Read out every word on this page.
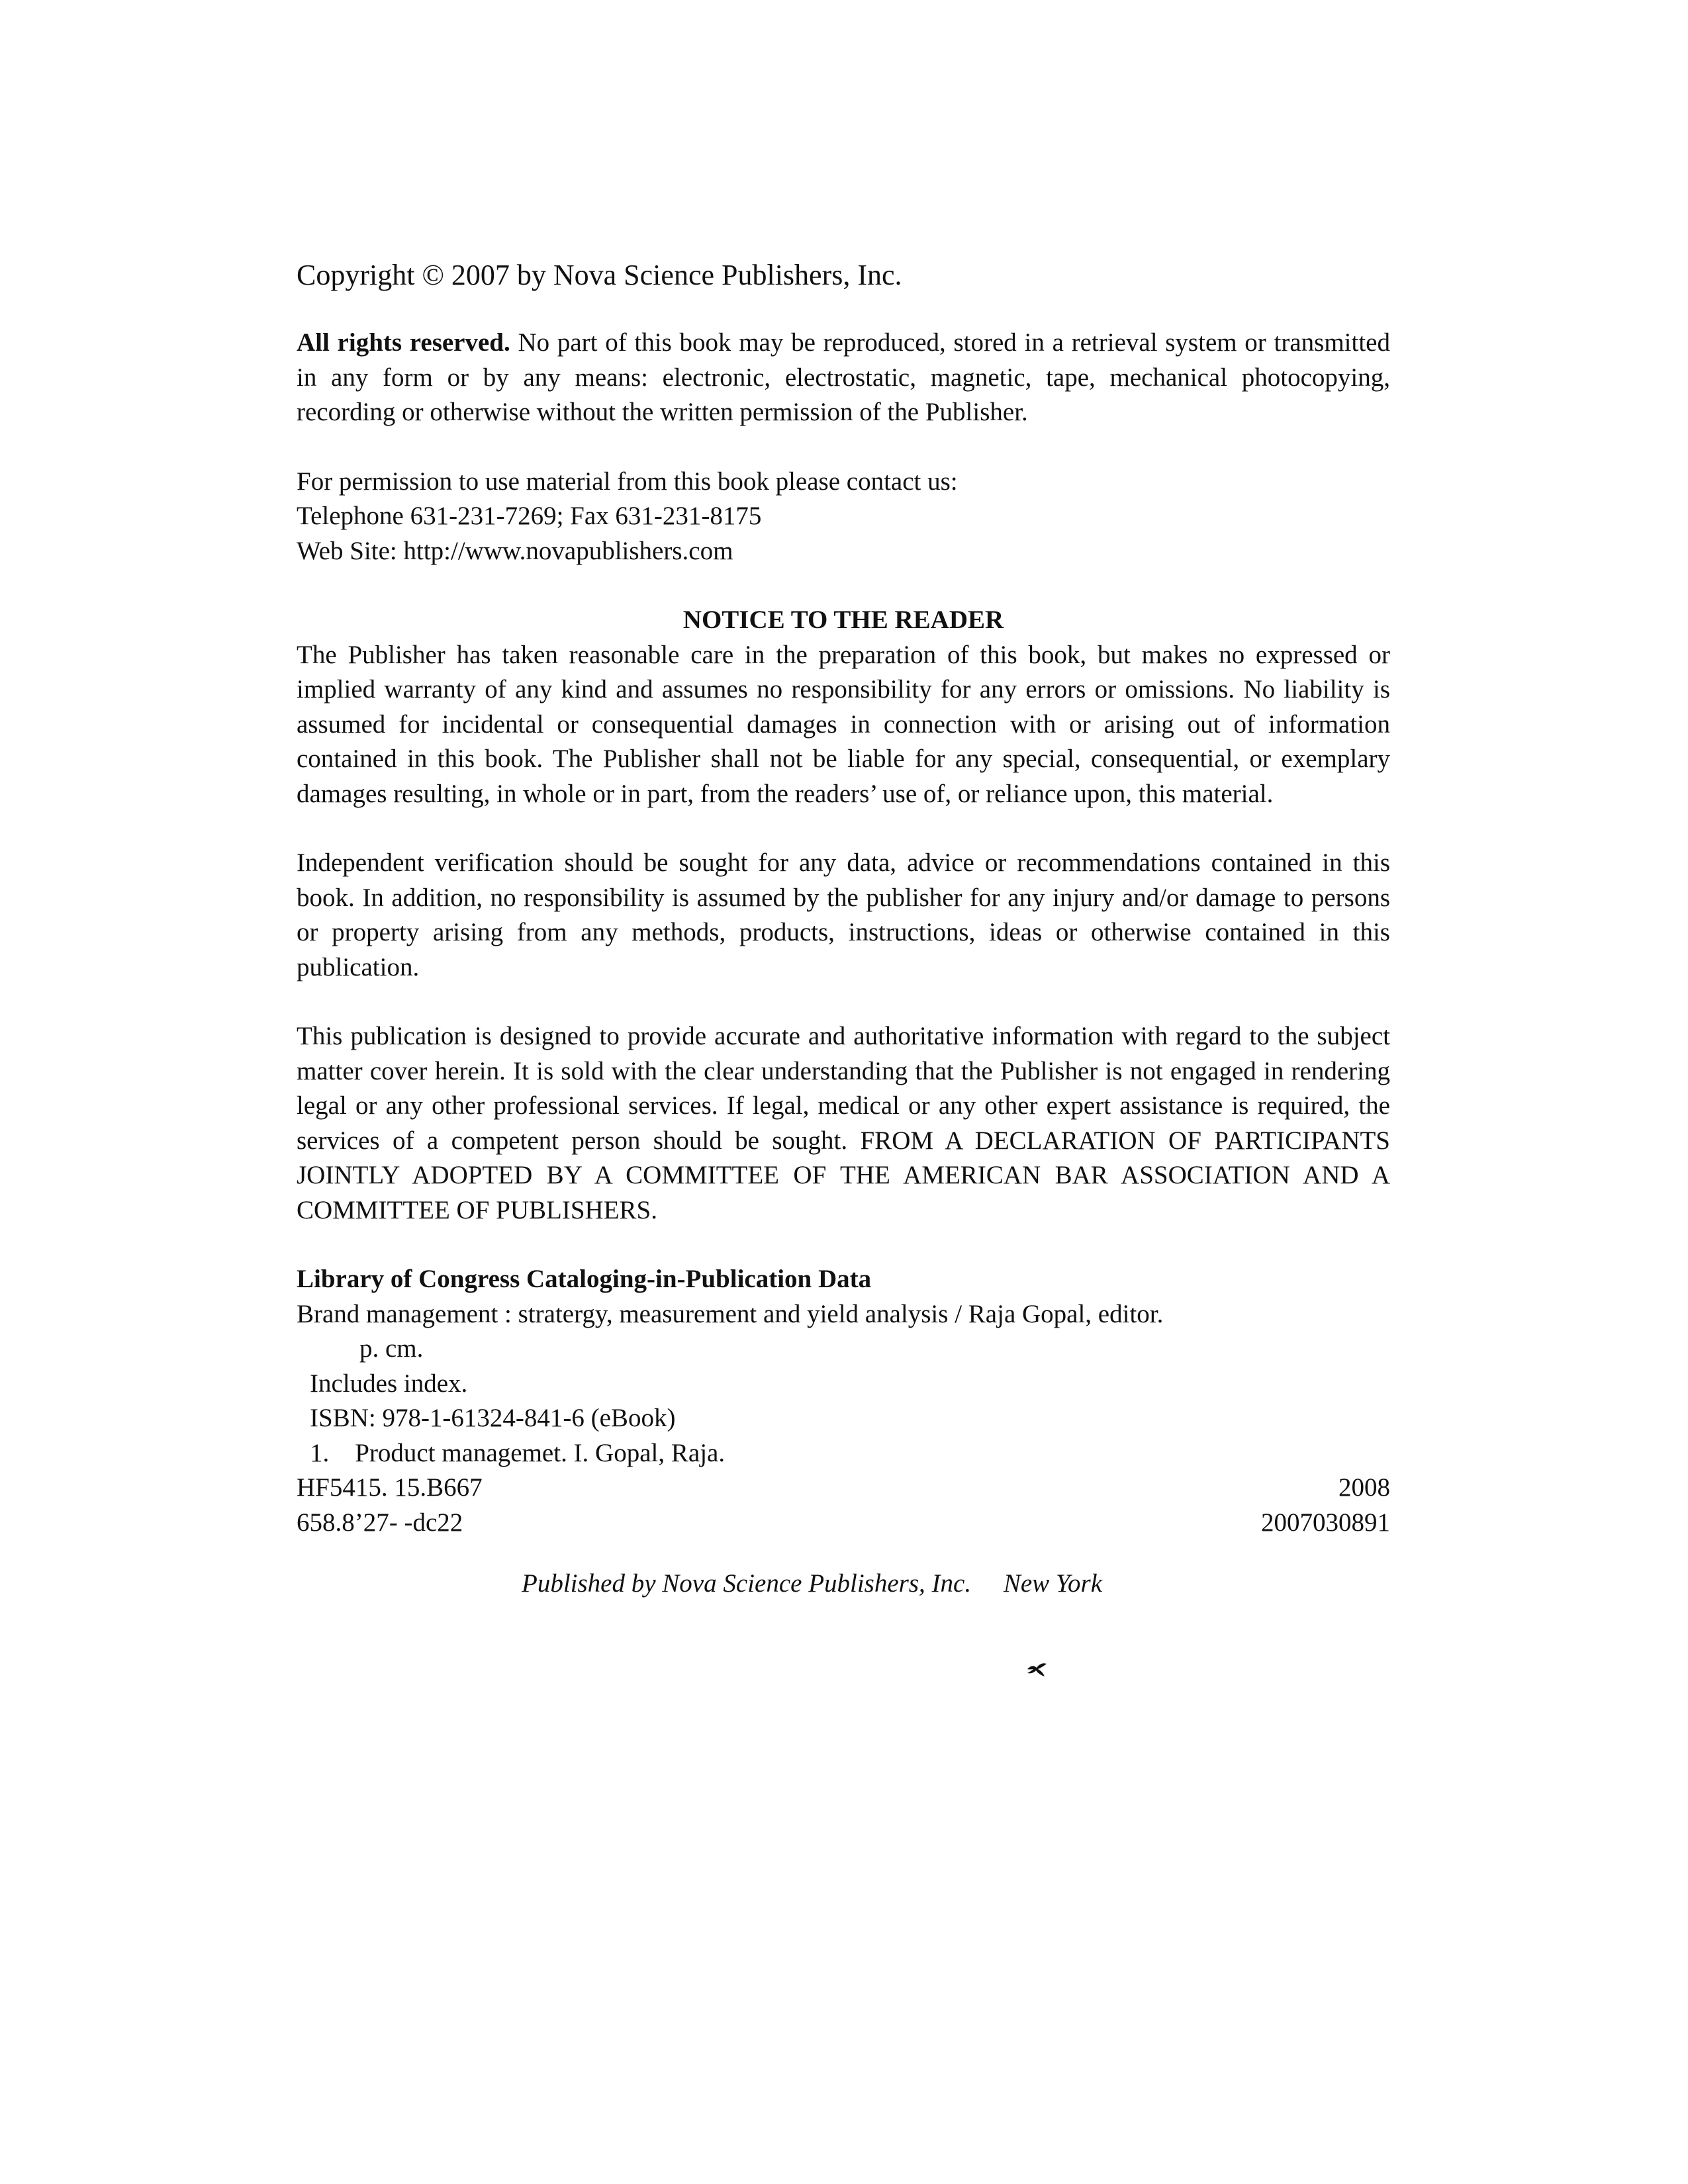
Copyright © 2007 by Nova Science Publishers, Inc.

All rights reserved. No part of this book may be reproduced, stored in a retrieval system or transmitted in any form or by any means: electronic, electrostatic, magnetic, tape, mechanical photocopying, recording or otherwise without the written permission of the Publisher.

For permission to use material from this book please contact us:

Telephone 631-231-7269; Fax 631-231-8175

Web Site: http://www.novapublishers.com

NOTICE TO THE READER

The Publisher has taken reasonable care in the preparation of this book, but makes no expressed or implied warranty of any kind and assumes no responsibility for any errors or omissions. No liability is assumed for incidental or consequential damages in connection with or arising out of information contained in this book. The Publisher shall not be liable for any special, consequential, or exemplary damages resulting, in whole or in part, from the readers’ use of, or reliance upon, this material.

Independent verification should be sought for any data, advice or recommendations contained in this book. In addition, no responsibility is assumed by the publisher for any injury and/or damage to persons or property arising from any methods, products, instructions, ideas or otherwise contained in this publication.

This publication is designed to provide accurate and authoritative information with regard to the subject matter cover herein. It is sold with the clear understanding that the Publisher is not engaged in rendering legal or any other professional services. If legal, medical or any other expert assistance is required, the services of a competent person should be sought. FROM A DECLARATION OF PARTICIPANTS JOINTLY ADOPTED BY A COMMITTEE OF THE AMERICAN BAR ASSOCIATION AND A COMMITTEE OF PUBLISHERS.

Library of Congress Cataloging-in-Publication Data

Brand management : stratergy, measurement and yield analysis / Raja Gopal, editor.

p. cm.

Includes index.

ISBN: 978-1-61324-841-6 (eBook)

1.    Product managemet. I. Gopal, Raja.

HF5415. 15.B667	2008
658.8’27- -dc22	2007030891

Published by Nova Science Publishers, Inc. New York
